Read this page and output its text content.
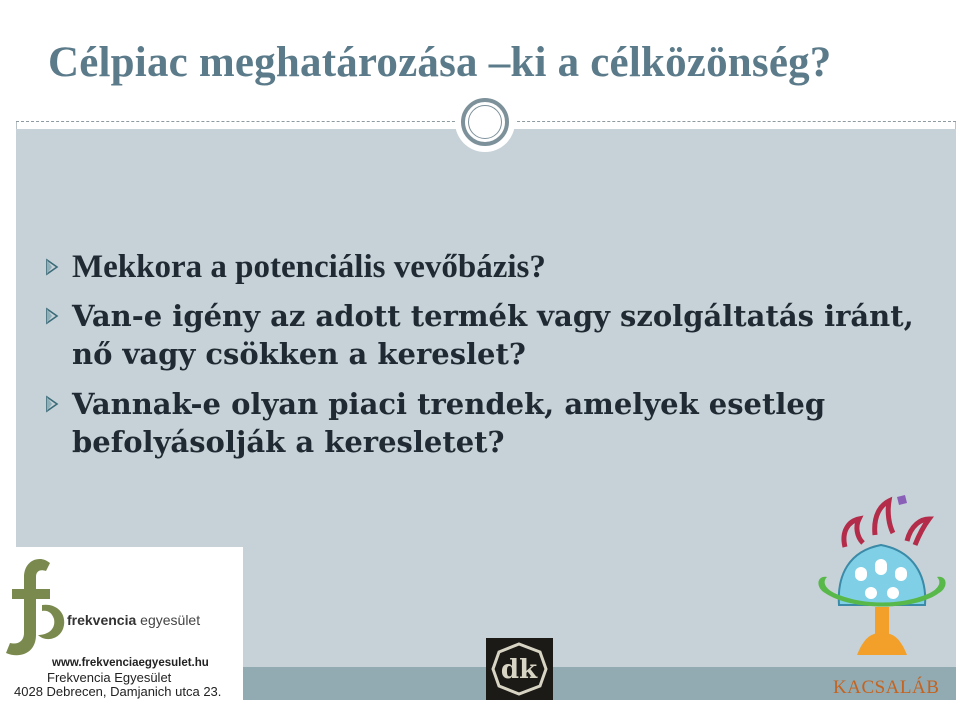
Célpiac meghatározása –ki a célközönség?

Mekkora a potenciális vevőbázis?

Van-e igény az adott termék vagy szolgáltatás iránt, nő vagy csökken a kereslet?

Vannak-e olyan piaci trendek, amelyek esetleg befolyásolják a keresletet?

frekvencia egyesület
www.frekvenciaegyesulet.hu
Frekvencia Egyesület
4028 Debrecen, Damjanich utca 23.
dk
KACSALÁB
